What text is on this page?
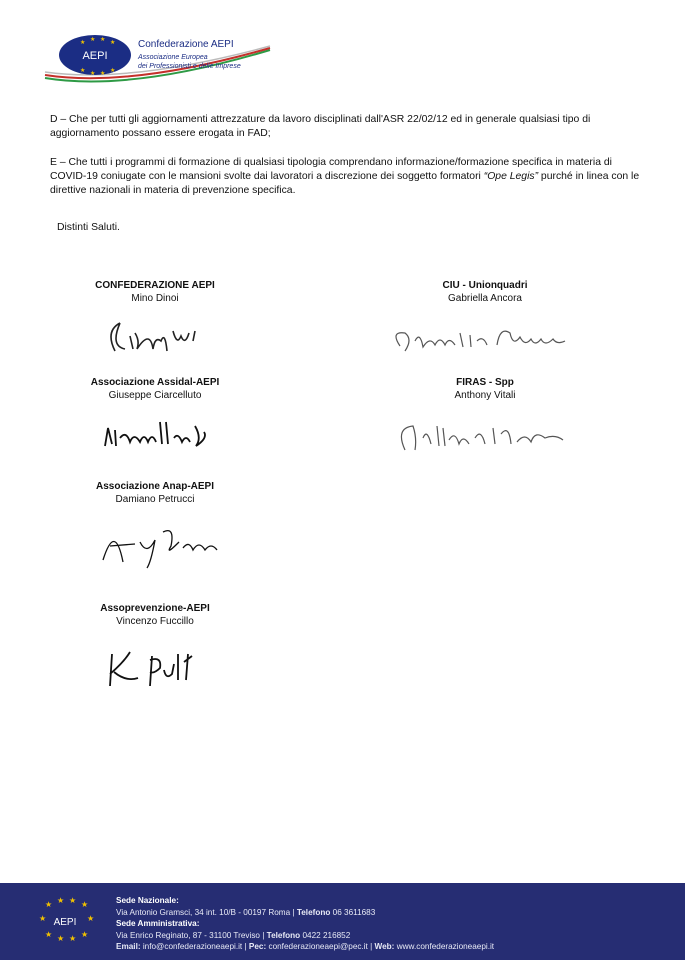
AEPI
★ ★ ★ ★
★ ★ ★ ★
Confederazione AEPI
Associazione Europea
dei Professionisti e delle Imprese
D – Che per tutti gli aggiornamenti attrezzature da lavoro disciplinati dall'ASR 22/02/12 ed in generale qualsiasi tipo di aggiornamento possano essere erogata in FAD;
E – Che tutti i programmi di formazione di qualsiasi tipologia comprendano informazione/formazione specifica in materia di COVID-19 coniugate con le mansioni svolte dai lavoratori a discrezione dei soggetto formatori “Ope Legis” purché in linea con le direttive nazionali in materia di prevenzione specifica.
Distinti Saluti.
CONFEDERAZIONE AEPI
Mino Dinoi
CIU - Unionquadri
Gabriella Ancora
Associazione Assidal-AEPI
Giuseppe Ciarcelluto
FIRAS - Spp
Anthony Vitali
Associazione Anap-AEPI
Damiano Petrucci
Assoprevenzione-AEPI
Vincenzo Fuccillo
★ ★ ★ ★
★	★
★ ★ ★ ★
AEPI
Sede Nazionale:
Via Antonio Gramsci, 34 int. 10/B - 00197 Roma | Telefono 06 3611683
Sede Amministrativa:
Via Enrico Reginato, 87 - 31100 Treviso | Telefono 0422 216852
Email: info@confederazioneaepi.it | Pec: confederazioneaepi@pec.it | Web: www.confederazioneaepi.it
